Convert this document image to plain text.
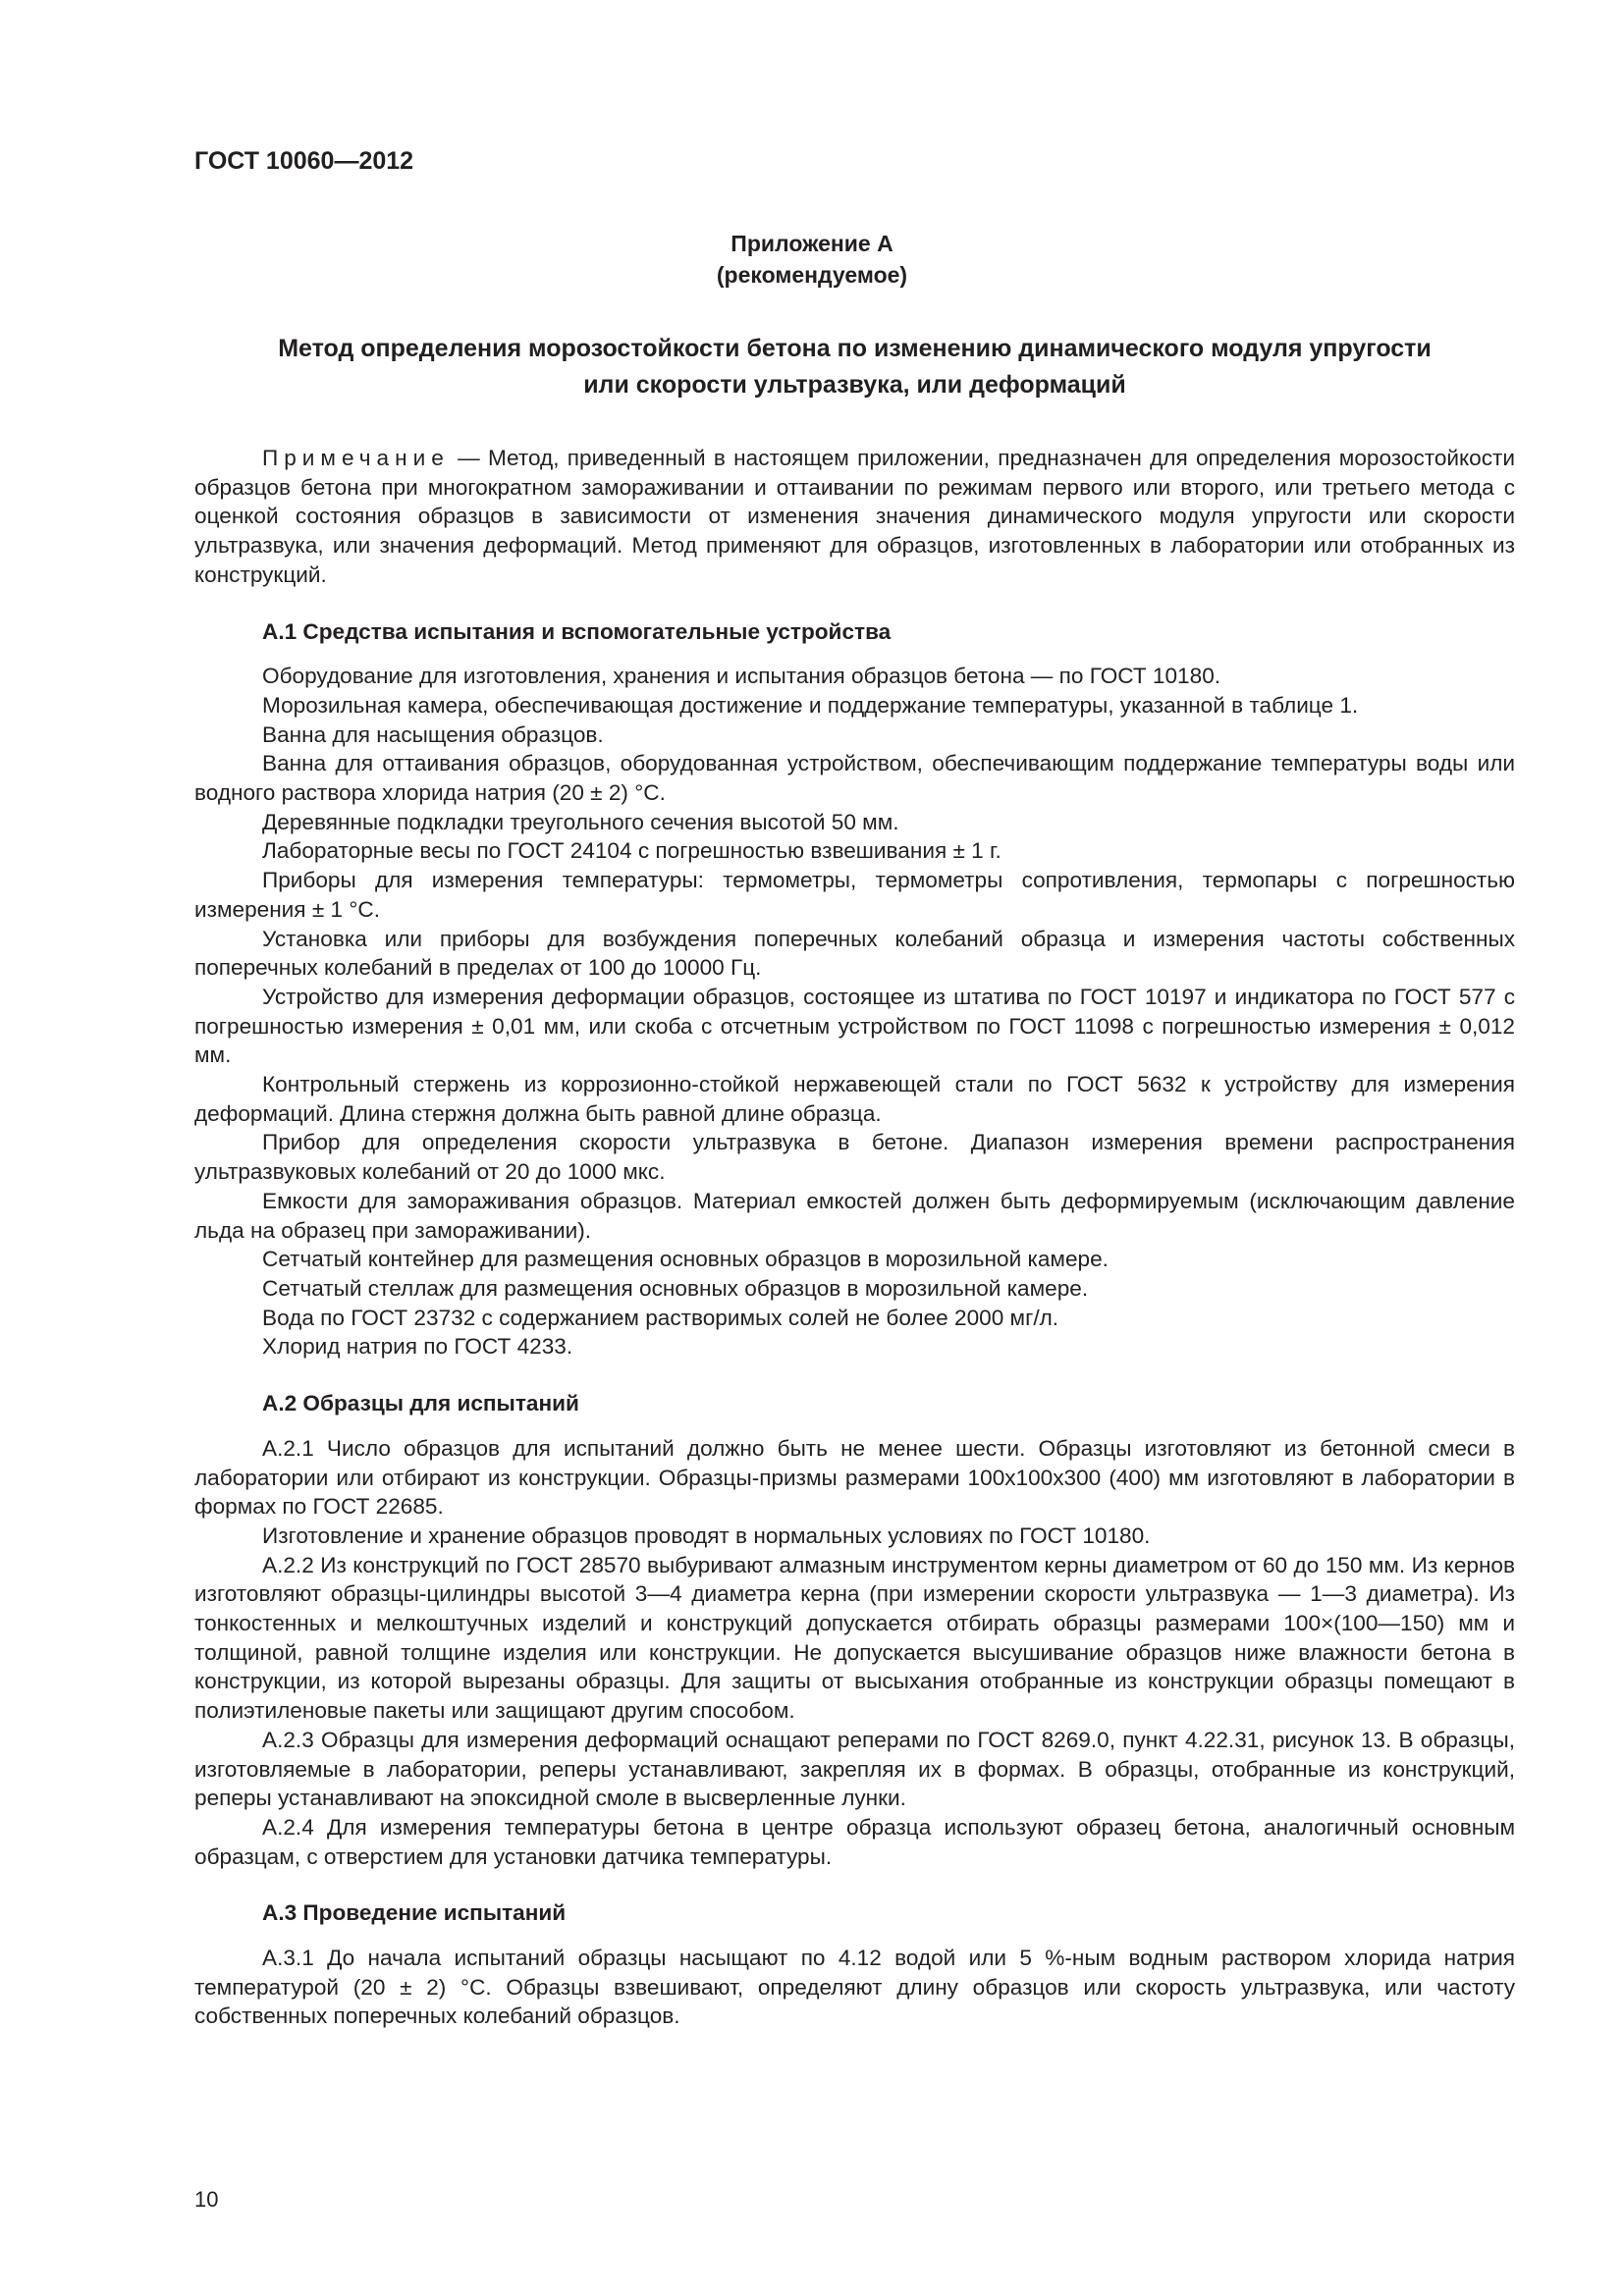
ГОСТ 10060—2012

Приложение А
(рекомендуемое)
Метод определения морозостойкости бетона по изменению динамического модуля упругости
или скорости ультразвука, или деформаций

Примечание — Метод, приведенный в настоящем приложении, предназначен для определения морозостойкости образцов бетона при многократном замораживании и оттаивании по режимам первого или второго, или третьего метода с оценкой состояния образцов в зависимости от изменения значения динамического модуля упругости или скорости ультразвука, или значения деформаций. Метод применяют для образцов, изготовленных в лаборатории или отобранных из конструкций.

А.1 Средства испытания и вспомогательные устройства

Оборудование для изготовления, хранения и испытания образцов бетона — по ГОСТ 10180.

Морозильная камера, обеспечивающая достижение и поддержание температуры, указанной в таблице 1.

Ванна для насыщения образцов.

Ванна для оттаивания образцов, оборудованная устройством, обеспечивающим поддержание температуры воды или водного раствора хлорида натрия (20 ± 2) °С.

Деревянные подкладки треугольного сечения высотой 50 мм.

Лабораторные весы по ГОСТ 24104 с погрешностью взвешивания ± 1 г.

Приборы для измерения температуры: термометры, термометры сопротивления, термопары с погрешностью измерения ± 1 °С.

Установка или приборы для возбуждения поперечных колебаний образца и измерения частоты собственных поперечных колебаний в пределах от 100 до 10000 Гц.

Устройство для измерения деформации образцов, состоящее из штатива по ГОСТ 10197 и индикатора по ГОСТ 577 с погрешностью измерения ± 0,01 мм, или скоба с отсчетным устройством по ГОСТ 11098 с погрешностью измерения ± 0,012 мм.

Контрольный стержень из коррозионно-стойкой нержавеющей стали по ГОСТ 5632 к устройству для измерения деформаций. Длина стержня должна быть равной длине образца.

Прибор для определения скорости ультразвука в бетоне. Диапазон измерения времени распространения ультразвуковых колебаний от 20 до 1000 мкс.

Емкости для замораживания образцов. Материал емкостей должен быть деформируемым (исключающим давление льда на образец при замораживании).

Сетчатый контейнер для размещения основных образцов в морозильной камере.

Сетчатый стеллаж для размещения основных образцов в морозильной камере.

Вода по ГОСТ 23732 с содержанием растворимых солей не более 2000 мг/л.

Хлорид натрия по ГОСТ 4233.

А.2 Образцы для испытаний

А.2.1 Число образцов для испытаний должно быть не менее шести. Образцы изготовляют из бетонной смеси в лаборатории или отбирают из конструкции. Образцы-призмы размерами 100x100x300 (400) мм изготовляют в лаборатории в формах по ГОСТ 22685.

Изготовление и хранение образцов проводят в нормальных условиях по ГОСТ 10180.

А.2.2 Из конструкций по ГОСТ 28570 выбуривают алмазным инструментом керны диаметром от 60 до 150 мм. Из кернов изготовляют образцы-цилиндры высотой 3—4 диаметра керна (при измерении скорости ультразвука — 1—3 диаметра). Из тонкостенных и мелкоштучных изделий и конструкций допускается отбирать образцы размерами 100×(100—150) мм и толщиной, равной толщине изделия или конструкции. Не допускается высушивание образцов ниже влажности бетона в конструкции, из которой вырезаны образцы. Для защиты от высыхания отобранные из конструкции образцы помещают в полиэтиленовые пакеты или защищают другим способом.

А.2.3 Образцы для измерения деформаций оснащают реперами по ГОСТ 8269.0, пункт 4.22.31, рисунок 13. В образцы, изготовляемые в лаборатории, реперы устанавливают, закрепляя их в формах. В образцы, отобранные из конструкций, реперы устанавливают на эпоксидной смоле в высверленные лунки.

А.2.4 Для измерения температуры бетона в центре образца используют образец бетона, аналогичный основным образцам, с отверстием для установки датчика температуры.

А.3 Проведение испытаний

А.3.1 До начала испытаний образцы насыщают по 4.12 водой или 5 %-ным водным раствором хлорида натрия температурой (20 ± 2) °С. Образцы взвешивают, определяют длину образцов или скорость ультразвука, или частоту собственных поперечных колебаний образцов.

10
